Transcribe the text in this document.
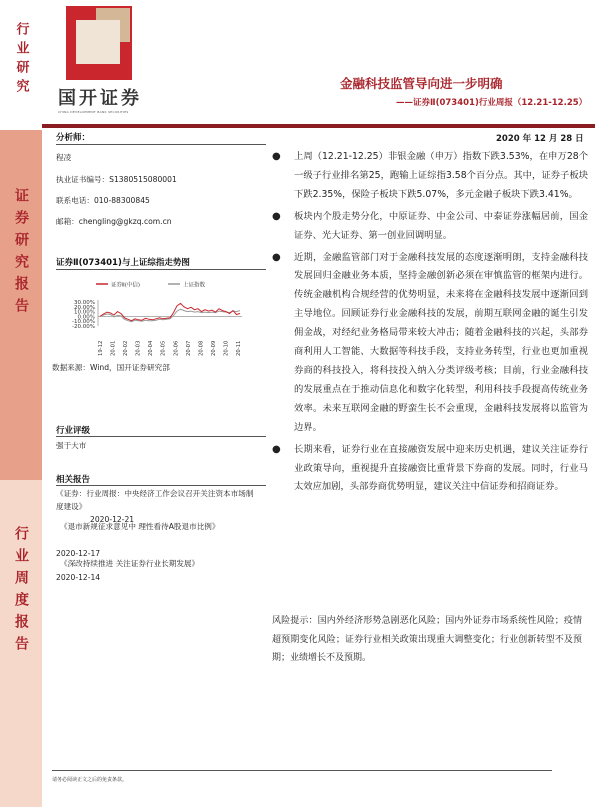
行业研究
证券研究报告
行业周度报告
国开证券
CHINA DEVELOPMENT BANK SECURITIES
金融科技监管导向进一步明确
——证券Ⅱ(073401)行业周报（12.21-12.25）
分析师：
程凌
执业证书编号：S1380515080001
联系电话：010-88300845
邮箱：chengling@gkzq.com.cn
证券Ⅱ(073401)与上证综指走势图
证券Ⅱ(中信)	上证指数
30.00%
20.00%
10.00%
0.00%
-10.00%
-20.00%
19-12 20-01 20-02 20-03 20-04 20-05 20-06 20-07 20-08 20-09 20-10 20-11
数据来源：Wind，国开证券研究部
行业评级
强于大市
相关报告
《证券：行业周报：中央经济工作会议召开关注资本市场制度建设》
2020-12-21
《退市新规征求意见中 理性看待A股退市比例》
2020-12-17
《深改持续推进 关注证券行业长期发展》
2020-12-14
2020 年 12 月 28 日
● 上周（12.21-12.25）非银金融（申万）指数下跌3.53%，在申万28个一级子行业排名第25，跑输上证综指3.58个百分点。其中，证券子板块下跌2.35%，保险子板块下跌5.07%，多元金融子板块下跌3.41%。
● 板块内个股走势分化，中原证券、中金公司、中泰证券涨幅居前，国金证券、光大证券、第一创业回调明显。
● 近期，金融监管部门对于金融科技发展的态度逐渐明朗，支持金融科技发展回归金融业务本质，坚持金融创新必须在审慎监管的框架内进行。传统金融机构合规经营的优势明显，未来将在金融科技发展中逐渐回到主导地位。回顾证券行业金融科技的发展，前期互联网金融的诞生引发佣金战，对经纪业务格局带来较大冲击；随着金融科技的兴起，头部券商利用人工智能、大数据等科技手段，支持业务转型，行业也更加重视券商的科技投入，将科技投入纳入分类评级考核；目前，行业金融科技的发展重点在于推动信息化和数字化转型，利用科技手段提高传统业务效率。未来互联网金融的野蛮生长不会重现，金融科技发展将以监管为边界。
● 长期来看，证券行业在直接融资发展中迎来历史机遇，建议关注证券行业政策导向，重视提升直接融资比重背景下券商的发展。同时，行业马太效应加剧，头部券商优势明显，建议关注中信证券和招商证券。
风险提示：国内外经济形势急剧恶化风险；国内外证券市场系统性风险；疫情超预期变化风险；证券行业相关政策出现重大调整变化；行业创新转型不及预期；业绩增长不及预期。
请务必阅读正文之后的免责条款。
